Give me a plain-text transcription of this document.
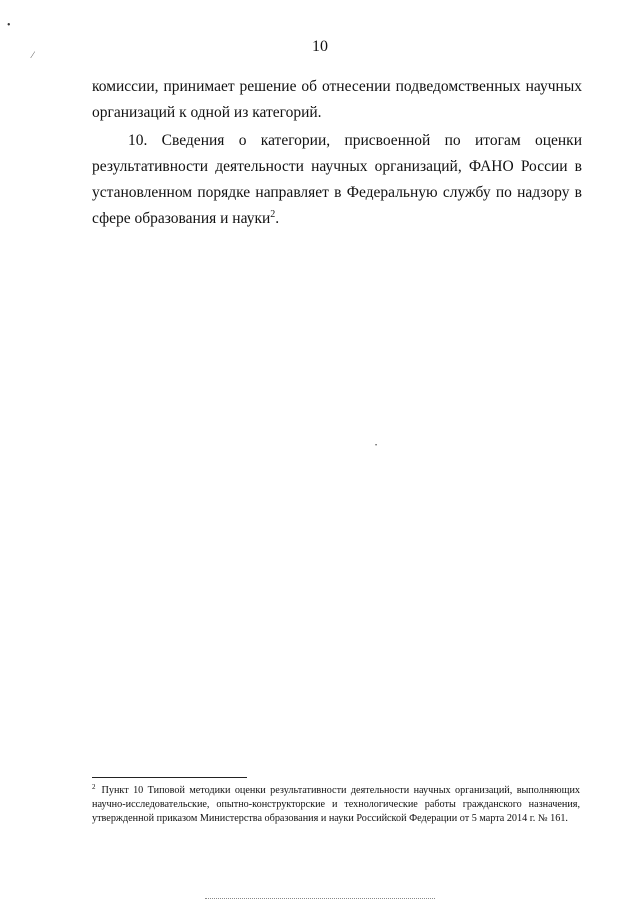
•
⁄
•
10

комиссии, принимает решение об отнесении подведомственных научных организаций к одной из категорий.

10. Сведения о категории, присвоенной по итогам оценки результативности деятельности научных организаций, ФАНО России в установленном порядке направляет в Федеральную службу по надзору в сфере образования и науки$^2$.

$^2$ Пункт 10 Типовой методики оценки результативности деятельности научных организаций, выполняющих научно-исследовательские, опытно-конструкторские и технологические работы гражданского назначения, утвержденной приказом Министерства образования и науки Российской Федерации от 5 марта 2014 г. № 161.
